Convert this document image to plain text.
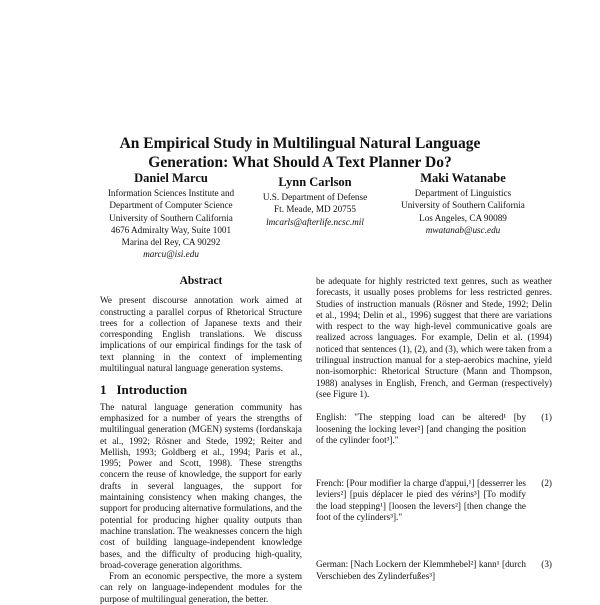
An Empirical Study in Multilingual Natural Language
Generation: What Should A Text Planner Do?
Daniel Marcu
Information Sciences Institute and
Department of Computer Science
University of Southern California
4676 Admiralty Way, Suite 1001
Marina del Rey, CA 90292
marcu@isi.edu
Lynn Carlson
U.S. Department of Defense
Ft. Meade, MD 20755
lmcarls@afterlife.ncsc.mil
Maki Watanabe
Department of Linguistics
University of Southern California
Los Angeles, CA 90089
mwatanab@usc.edu
Abstract

We present discourse annotation work aimed at constructing a parallel corpus of Rhetorical Structure trees for a collection of Japanese texts and their corresponding English translations. We discuss implications of our empirical findings for the task of text planning in the context of implementing multilingual natural language generation systems.

1 Introduction

The natural language generation community has emphasized for a number of years the strengths of multilingual generation (MGEN) systems (Iordanskaja et al., 1992; Rösner and Stede, 1992; Reiter and Mellish, 1993; Goldberg et al., 1994; Paris et al., 1995; Power and Scott, 1998). These strengths concern the reuse of knowledge, the support for early drafts in several languages, the support for maintaining consistency when making changes, the support for producing alternative formulations, and the potential for producing higher quality outputs than machine translation. The weaknesses concern the high cost of building language-independent knowledge bases, and the difficulty of producing high-quality, broad-coverage generation algorithms.

From an economic perspective, the more a system can rely on language-independent modules for the purpose of multilingual generation, the better.

be adequate for highly restricted text genres, such as weather forecasts, it usually poses problems for less restricted genres. Studies of instruction manuals (Rösner and Stede, 1992; Delin et al., 1994; Delin et al., 1996) suggest that there are variations with respect to the way high-level communicative goals are realized across languages. For example, Delin et al. (1994) noticed that sentences (1), (2), and (3), which were taken from a trilingual instruction manual for a step-aerobics machine, yield non-isomorphic: Rhetorical Structure (Mann and Thompson, 1988) analyses in English, French, and German (respectively) (see Figure 1).

English: "The stepping load can be altered¹ [by loosening the locking lever²] [and changing the position of the cylinder foot³]."
(1)
French: [Pour modifier la charge d'appui,¹] [desserrer les leviers²] [puis déplacer le pied des vérins³] [To modify the load stepping¹] [loosen the levers²] [then change the foot of the cylinders³]."
(2)
German: [Nach Lockern der Klemmhebel²] kann¹ [durch Verschieben des Zylinderfußes³]
(3)
